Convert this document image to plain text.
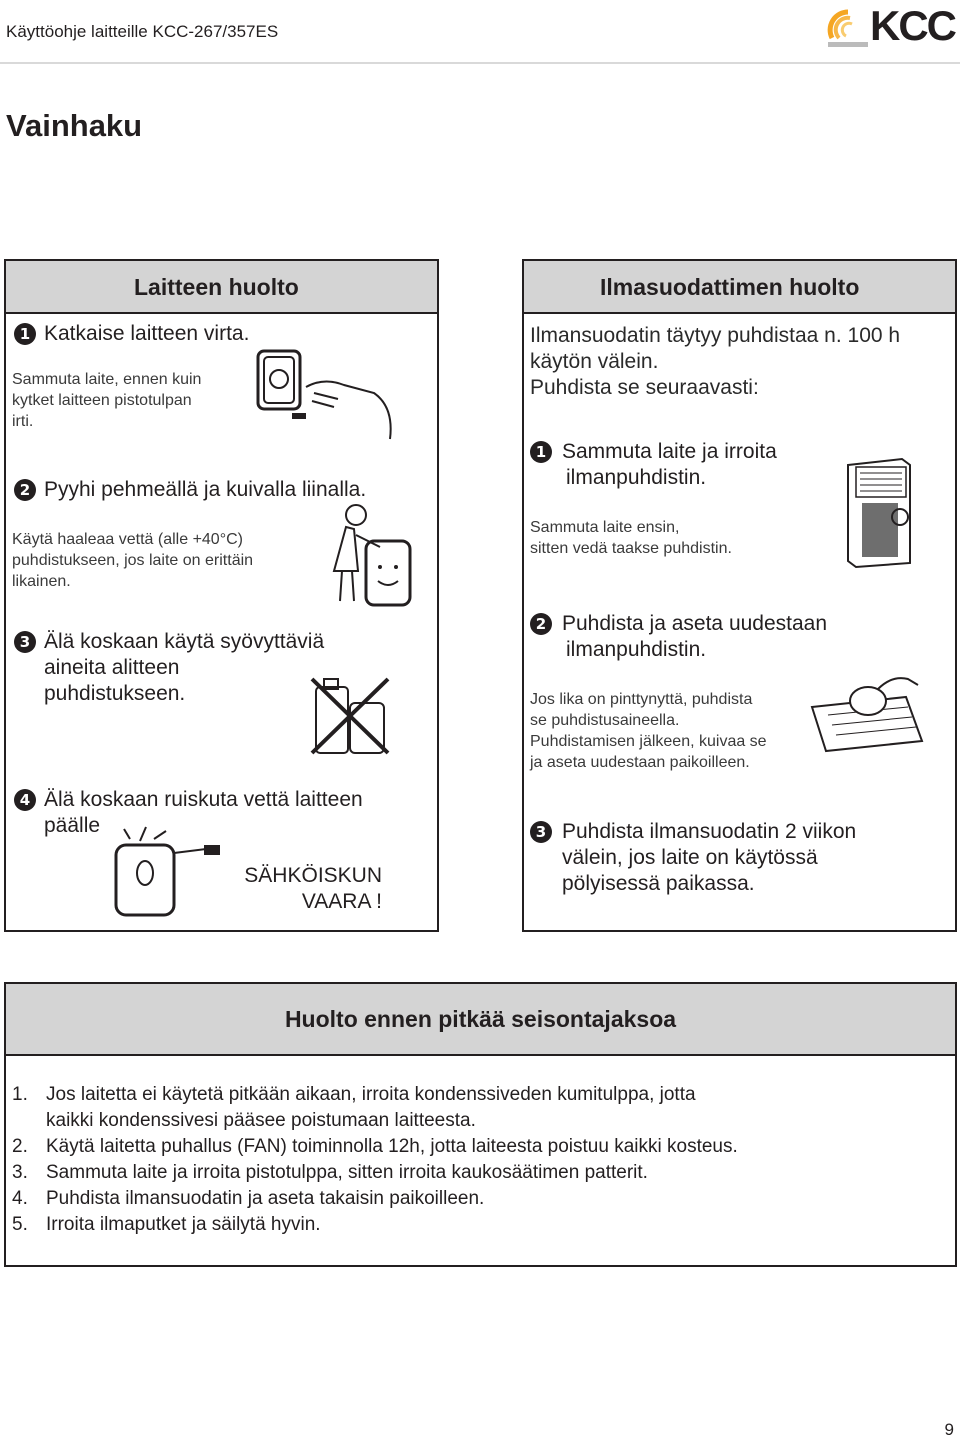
Käyttöohje laitteille KCC-267/357ES	KCC
Vainhaku
Laitteen huolto
1 Katkaise laitteen virta.
Sammuta laite, ennen kuin
kytket laitteen pistotulpan
irti.
2 Pyyhi pehmeällä ja kuivalla liinalla.
Käytä haaleaa vettä (alle +40°C)
puhdistukseen, jos laite on erittäin
likainen.
3 Älä koskaan käytä syövyttäviä
aineita alitteen
puhdistukseen.
4 Älä koskaan ruiskuta vettä laitteen
päälle
SÄHKÖISKUN
VAARA !
Ilmasuodattimen huolto
Ilmansuodatin täytyy puhdistaa n. 100 h
käytön välein.
Puhdista se seuraavasti:
1 Sammuta laite ja irroita
ilmanpuhdistin.
Sammuta laite ensin,
sitten vedä taakse puhdistin.
2 Puhdista ja aseta uudestaan
ilmanpuhdistin.
Jos lika on pinttynyttä, puhdista
se puhdistusaineella.
Puhdistamisen jälkeen, kuivaa se
ja aseta uudestaan paikoilleen.
3 Puhdista ilmansuodatin 2 viikon
välein, jos laite on käytössä
pölyisessä paikassa.
Huolto ennen pitkää seisontajaksoa
1. Jos laitetta ei käytetä pitkään aikaan, irroita kondenssiveden kumitulppa, jotta
kaikki kondenssivesi pääsee poistumaan laitteesta.
2. Käytä laitetta puhallus (FAN) toiminnolla 12h, jotta laiteesta poistuu kaikki kosteus.
3. Sammuta laite ja irroita pistotulppa, sitten irroita kaukosäätimen patterit.
4. Puhdista ilmansuodatin ja aseta takaisin paikoilleen.
5. Irroita ilmaputket ja säilytä hyvin.
9
